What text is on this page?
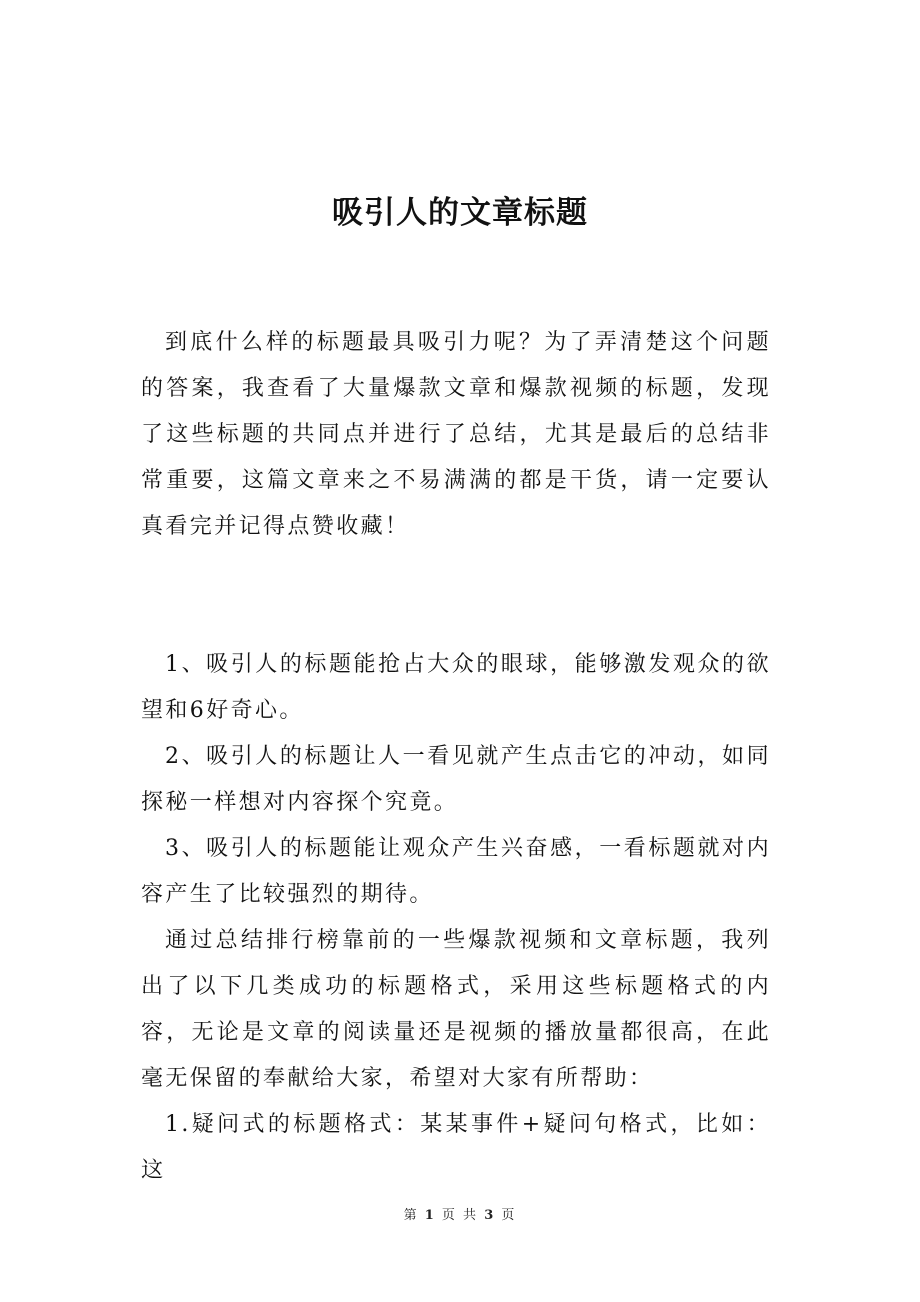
吸引人的文章标题

到底什么样的标题最具吸引力呢？为了弄清楚这个问题的答案，我查看了大量爆款文章和爆款视频的标题，发现了这些标题的共同点并进行了总结，尤其是最后的总结非常重要，这篇文章来之不易满满的都是干货，请一定要认真看完并记得点赞收藏！

1、吸引人的标题能抢占大众的眼球，能够激发观众的欲望和6好奇心。

2、吸引人的标题让人一看见就产生点击它的冲动，如同探秘一样想对内容探个究竟。

3、吸引人的标题能让观众产生兴奋感，一看标题就对内容产生了比较强烈的期待。

通过总结排行榜靠前的一些爆款视频和文章标题，我列出了以下几类成功的标题格式，采用这些标题格式的内容，无论是文章的阅读量还是视频的播放量都很高，在此毫无保留的奉献给大家，希望对大家有所帮助：

1.疑问式的标题格式：某某事件+疑问句格式，比如：这

第 1 页 共 3 页
